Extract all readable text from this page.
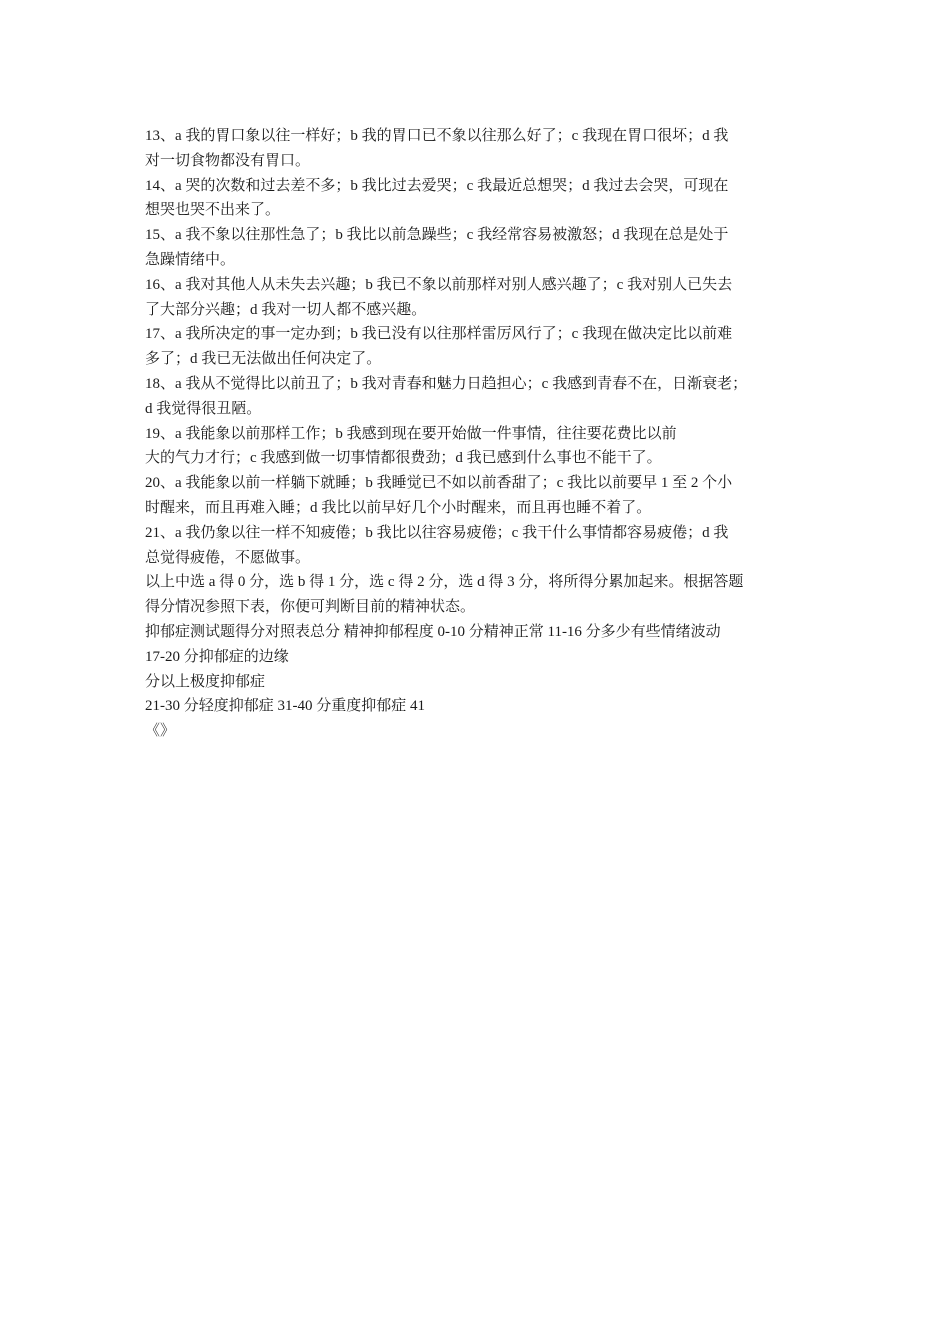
13、a 我的胃口象以往一样好；b 我的胃口已不象以往那么好了；c 我现在胃口很坏；d 我
对一切食物都没有胃口。

14、a 哭的次数和过去差不多；b 我比过去爱哭；c 我最近总想哭；d 我过去会哭，可现在
想哭也哭不出来了。

15、a 我不象以往那性急了；b 我比以前急躁些；c 我经常容易被激怒；d 我现在总是处于
急躁情绪中。

16、a 我对其他人从未失去兴趣；b 我已不象以前那样对别人感兴趣了；c 我对别人已失去
了大部分兴趣；d 我对一切人都不感兴趣。

17、a 我所决定的事一定办到；b 我已没有以往那样雷厉风行了；c 我现在做决定比以前难
多了；d 我已无法做出任何决定了。

18、a 我从不觉得比以前丑了；b 我对青春和魅力日趋担心；c 我感到青春不在，日渐衰老；
d 我觉得很丑陋。

19、a 我能象以前那样工作；b 我感到现在要开始做一件事情，往往要花费比以前
大的气力才行；c 我感到做一切事情都很费劲；d 我已感到什么事也不能干了。

20、a 我能象以前一样躺下就睡；b 我睡觉已不如以前香甜了；c 我比以前要早 1 至 2 个小
时醒来，而且再难入睡；d 我比以前早好几个小时醒来，而且再也睡不着了。

21、a 我仍象以往一样不知疲倦；b 我比以往容易疲倦；c 我干什么事情都容易疲倦；d 我
总觉得疲倦，不愿做事。

以上中选 a 得 0 分，选 b 得 1 分，选 c 得 2 分，选 d 得 3 分，将所得分累加起来。根据答题
得分情况参照下表，你便可判断目前的精神状态。

抑郁症测试题得分对照表总分 精神抑郁程度 0-10 分精神正常 11-16 分多少有些情绪波动
17-20 分抑郁症的边缘
分以上极度抑郁症
21-30 分轻度抑郁症 31-40 分重度抑郁症 41
《》
